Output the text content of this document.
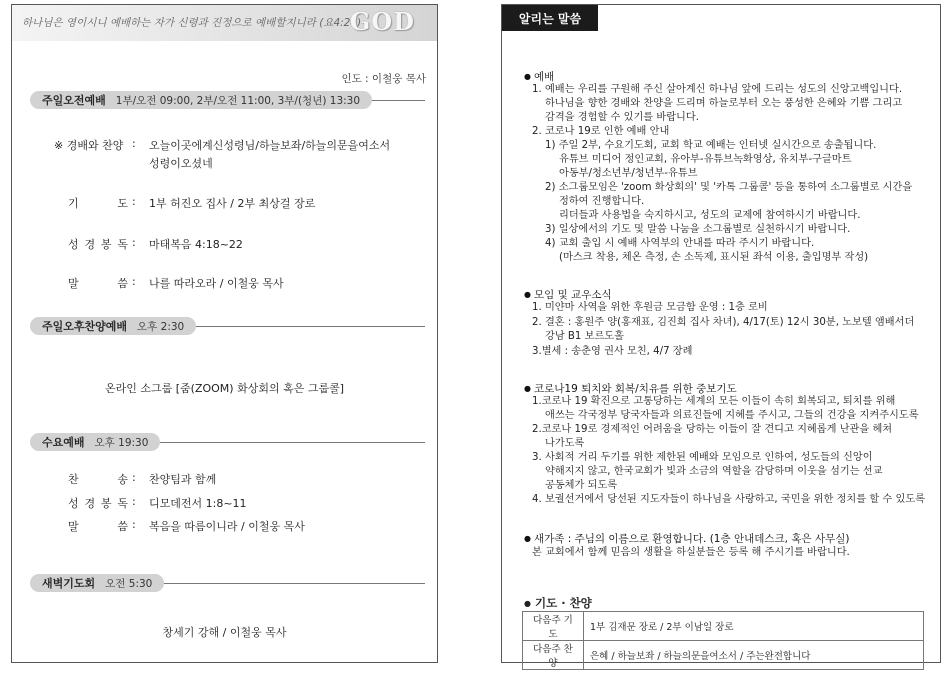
하나님은 영이시니 예배하는 자가 신령과 진정으로 예배할지니라 (요4:24)
GOD
인도 : 이철웅 목사
주일오전예배 1부/오전 09:00, 2부/오전 11:00, 3부/(청년) 13:30
※ 경배와 찬양 : 오늘이곳에계신성령님/하늘보좌/하늘의문을여소서
성령이오셨네
기 도 : 1부 허진오 집사 / 2부 최상걸 장로
성 경 봉 독 : 마태복음 4:18~22
말 씀 : 나를 따라오라 / 이철웅 목사
주일오후찬양예배 오후 2:30
온라인 소그룹 [줌(ZOOM) 화상회의 혹은 그룹콜]
수요예배 오후 19:30
찬 송 : 찬양팀과 함께
성 경 봉 독 : 디모데전서 1:8~11
말 씀 : 복음을 따름이니라 / 이철웅 목사
새벽기도회 오전 5:30
창세기 강해 / 이철웅 목사
알리는 말씀
● 예배
1. 예배는 우리를 구원해 주신 살아계신 하나님 앞에 드리는 성도의 신앙고백입니다.
하나님을 향한 경배와 찬양을 드리며 하늘로부터 오는 풍성한 은혜와 기쁨 그리고
감격을 경험할 수 있기를 바랍니다.
2. 코로나 19로 인한 예배 안내
1) 주일 2부, 수요기도회, 교회 학교 예배는 인터넷 실시간으로 송출됩니다.
유튜브 미디어 정인교회, 유아부-유튜브녹화영상, 유치부-구글마트
아동부/청소년부/청년부-유튜브
2) 소그룹모임은 'zoom 화상회의' 및 '카톡 그룹콜' 등을 통하여 소그룹별로 시간을
정하여 진행합니다.
리더들과 사용법을 숙지하시고, 성도의 교제에 참여하시기 바랍니다.
3) 일상에서의 기도 및 말씀 나눔을 소그룹별로 실천하시기 바랍니다.
4) 교회 출입 시 예배 사역부의 안내를 따라 주시기 바랍니다.
(마스크 착용, 체온 측정, 손 소독제, 표시된 좌석 이용, 출입명부 작성)
● 모임 및 교우소식
1. 미얀마 사역을 위한 후원금 모금함 운영 : 1층 로비
2. 결혼 : 홍원주 양(홍재표, 김진희 집사 차녀), 4/17(토) 12시 30분, 노보텔 앰배서더
강남 B1 보르도홀
3.별세 : 송춘영 권사 모친, 4/7 장례
● 코로나19 퇴치와 회복/치유를 위한 중보기도
1.코로나 19 확진으로 고통당하는 세계의 모든 이들이 속히 회복되고, 퇴치를 위해
애쓰는 각국정부 당국자들과 의료진들에 지혜를 주시고, 그들의 건강을 지켜주시도록
2.코로나 19로 경제적인 어려움을 당하는 이들이 잘 견디고 지혜롭게 난관을 헤쳐
나가도록
3. 사회적 거리 두기를 위한 제한된 예배와 모임으로 인하여, 성도들의 신앙이
약해지지 않고, 한국교회가 빛과 소금의 역할을 감당하며 이웃을 섬기는 선교
공동체가 되도록
4. 보궐선거에서 당선된 지도자들이 하나님을 사랑하고, 국민을 위한 정치를 할 수 있도록
● 새가족 : 주님의 이름으로 환영합니다. (1층 안내데스크, 혹은 사무실)
본 교회에서 함께 믿음의 생활을 하실분들은 등록 해 주시기를 바랍니다.
● 기도 · 찬양
다음주 기도	1부 김재문 장로 / 2부 이남일 장로
다음주 찬양	은혜 / 하늘보좌 / 하늘의문을여소서 / 주는완전합니다
